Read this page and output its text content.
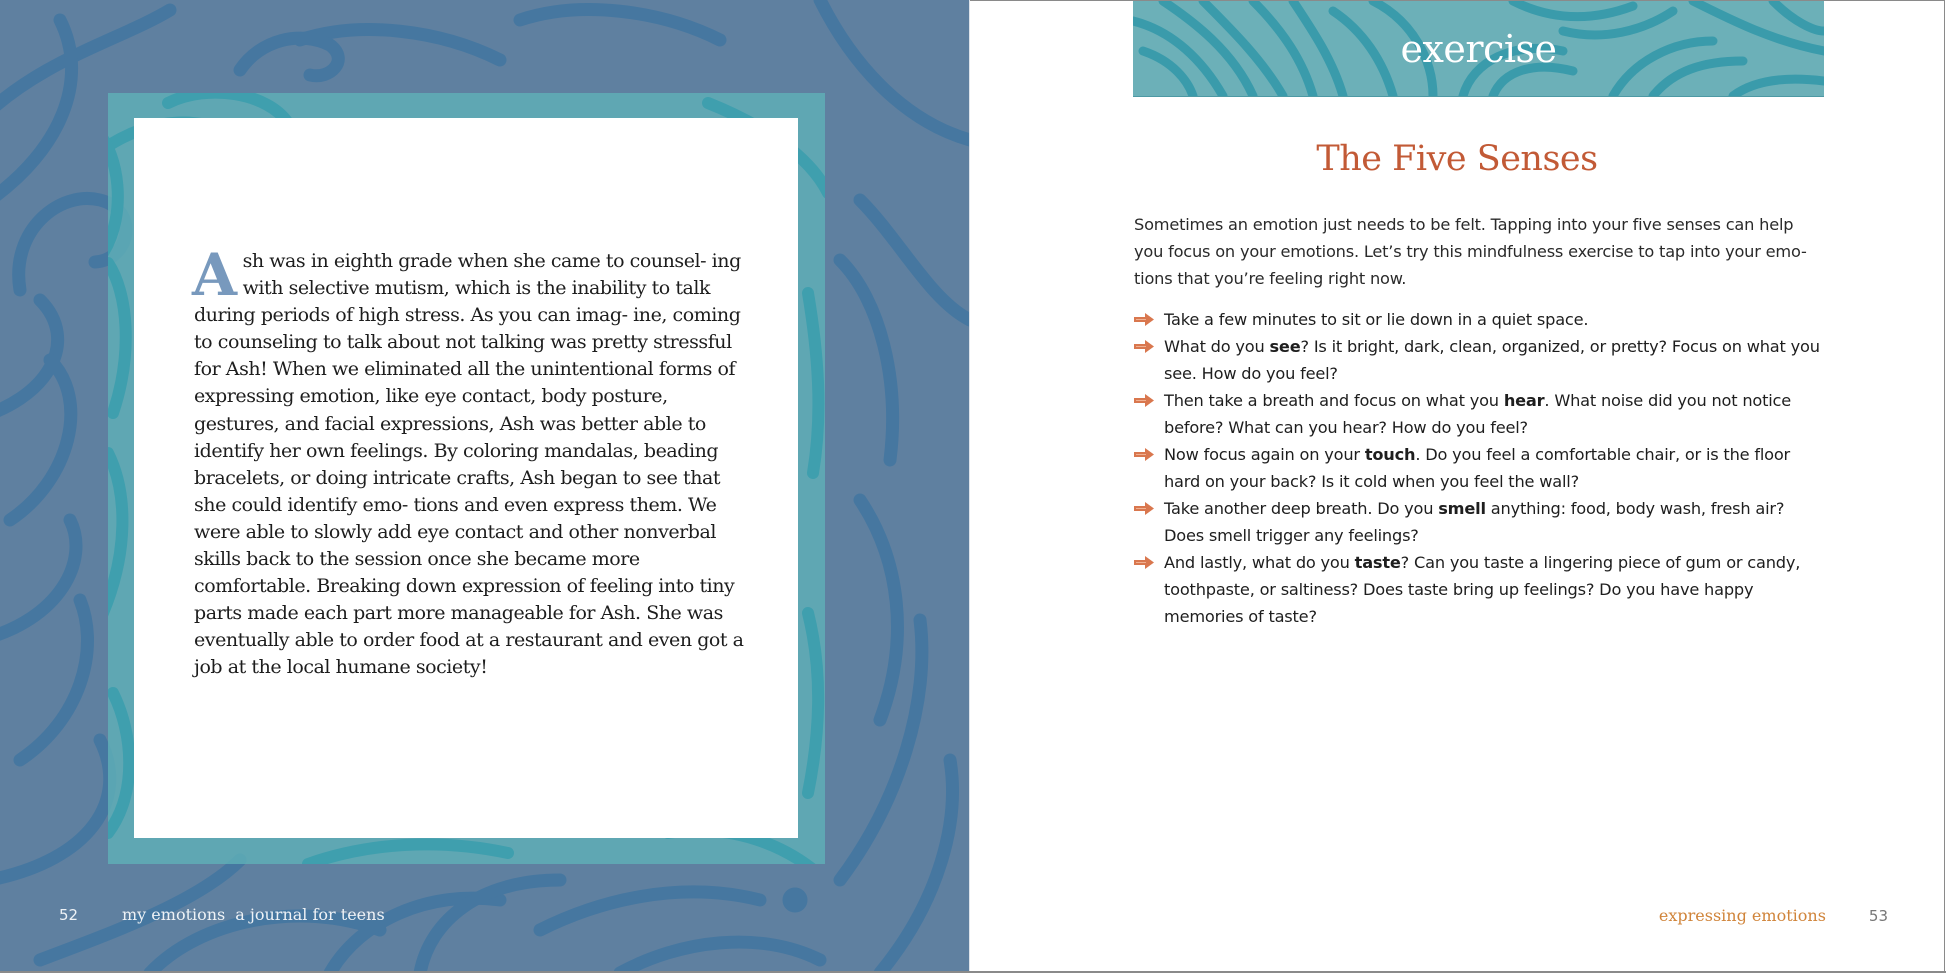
Ash was in eighth grade when she came to counsel- ing with selective mutism, which is the inability to talk during periods of high stress. As you can imag- ine, coming to counseling to talk about not talking was pretty stressful for Ash! When we eliminated all the unintentional forms of expressing emotion, like eye contact, body posture, gestures, and facial expressions, Ash was better able to identify her own feelings. By coloring mandalas, beading bracelets, or doing intricate crafts, Ash began to see that she could identify emo- tions and even express them. We were able to slowly add eye contact and other nonverbal skills back to the session once she became more comfortable. Breaking down expression of feeling into tiny parts made each part more manageable for Ash. She was eventually able to order food at a restaurant and even got a job at the local humane society!
52	my emotions a journal for teens
exercise
The Five Senses

Sometimes an emotion just needs to be felt. Tapping into your five senses can help you focus on your emotions. Let’s try this mindfulness exercise to tap into your emo- tions that you’re feeling right now.

Take a few minutes to sit or lie down in a quiet space.
What do you see? Is it bright, dark, clean, organized, or pretty? Focus on what you see. How do you feel?
Then take a breath and focus on what you hear. What noise did you not notice before? What can you hear? How do you feel?
Now focus again on your touch. Do you feel a comfortable chair, or is the floor hard on your back? Is it cold when you feel the wall?
Take another deep breath. Do you smell anything: food, body wash, fresh air? Does smell trigger any feelings?
And lastly, what do you taste? Can you taste a lingering piece of gum or candy, toothpaste, or saltiness? Does taste bring up feelings? Do you have happy memories of taste?
expressing emotions	53
